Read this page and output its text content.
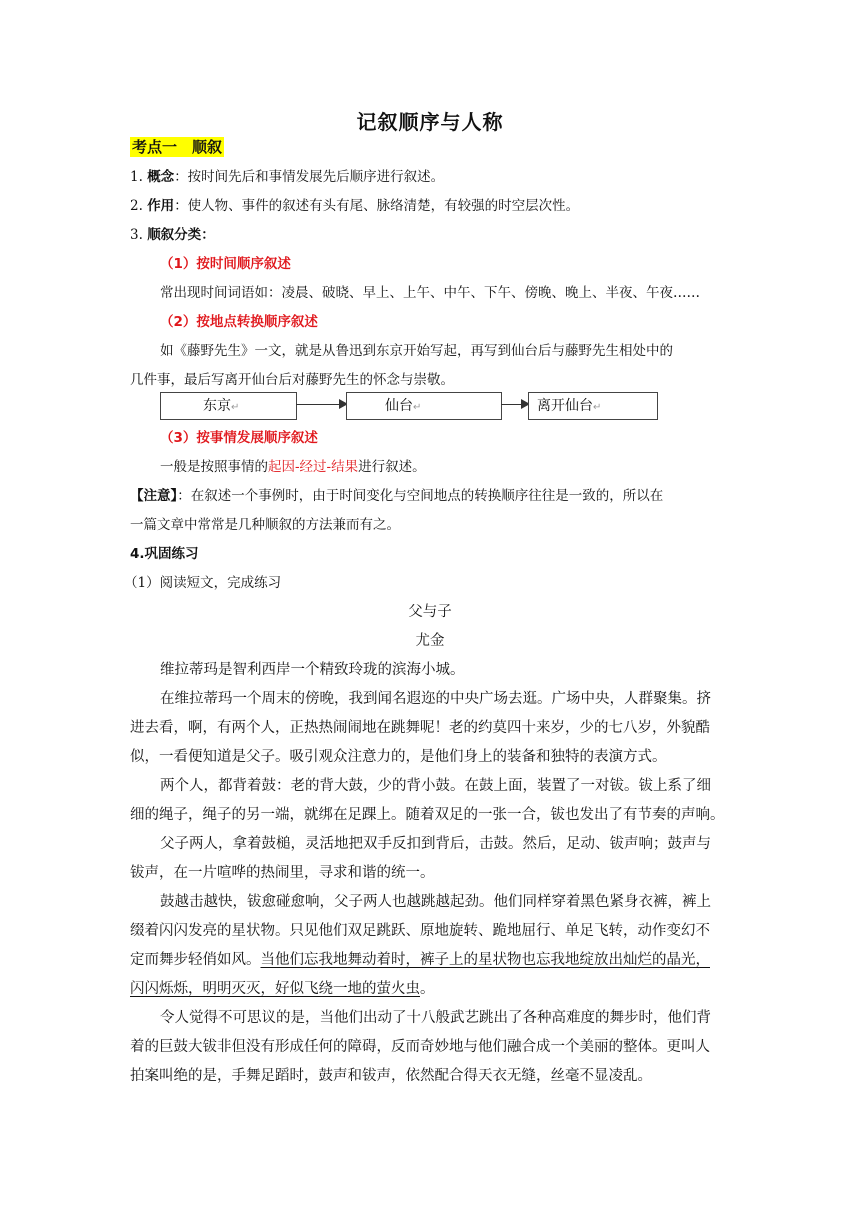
记叙顺序与人称
考点一　顺叙
1. 概念：按时间先后和事情发展先后顺序进行叙述。
2. 作用：使人物、事件的叙述有头有尾、脉络清楚，有较强的时空层次性。
3. 顺叙分类：
（1）按时间顺序叙述
常出现时间词语如：凌晨、破晓、早上、上午、中午、下午、傍晚、晚上、半夜、午夜……
（2）按地点转换顺序叙述
如《藤野先生》一文，就是从鲁迅到东京开始写起，再写到仙台后与藤野先生相处中的
几件事，最后写离开仙台后对藤野先生的怀念与崇敬。
东京↵	仙台↵	离开仙台↵
（3）按事情发展顺序叙述
一般是按照事情的起因-经过-结果进行叙述。
【注意】：在叙述一个事例时，由于时间变化与空间地点的转换顺序往往是一致的，所以在
一篇文章中常常是几种顺叙的方法兼而有之。
4.巩固练习
（1）阅读短文，完成练习
父与子
尤金
维拉蒂玛是智利西岸一个精致玲珑的滨海小城。
在维拉蒂玛一个周末的傍晚，我到闻名遐迩的中央广场去逛。广场中央，人群聚集。挤
进去看，啊，有两个人，正热热闹闹地在跳舞呢！老的约莫四十来岁，少的七八岁，外貌酷
似，一看便知道是父子。吸引观众注意力的，是他们身上的装备和独特的表演方式。
两个人，都背着鼓：老的背大鼓，少的背小鼓。在鼓上面，装置了一对钹。钹上系了细
细的绳子，绳子的另一端，就绑在足踝上。随着双足的一张一合，钹也发出了有节奏的声响。
父子两人，拿着鼓槌，灵活地把双手反扣到背后，击鼓。然后，足动、钹声响；鼓声与
钹声，在一片喧哗的热闹里，寻求和谐的统一。
鼓越击越快，钹愈碰愈响，父子两人也越跳越起劲。他们同样穿着黑色紧身衣裤，裤上
缀着闪闪发亮的星状物。只见他们双足跳跃、原地旋转、跪地屈行、单足飞转，动作变幻不
定而舞步轻俏如风。当他们忘我地舞动着时，裤子上的星状物也忘我地绽放出灿烂的晶光，
闪闪烁烁，明明灭灭，好似飞绕一地的萤火虫。
令人觉得不可思议的是，当他们出动了十八般武艺跳出了各种高难度的舞步时，他们背
着的巨鼓大钹非但没有形成任何的障碍，反而奇妙地与他们融合成一个美丽的整体。更叫人
拍案叫绝的是，手舞足蹈时，鼓声和钹声，依然配合得天衣无缝，丝毫不显凌乱。
